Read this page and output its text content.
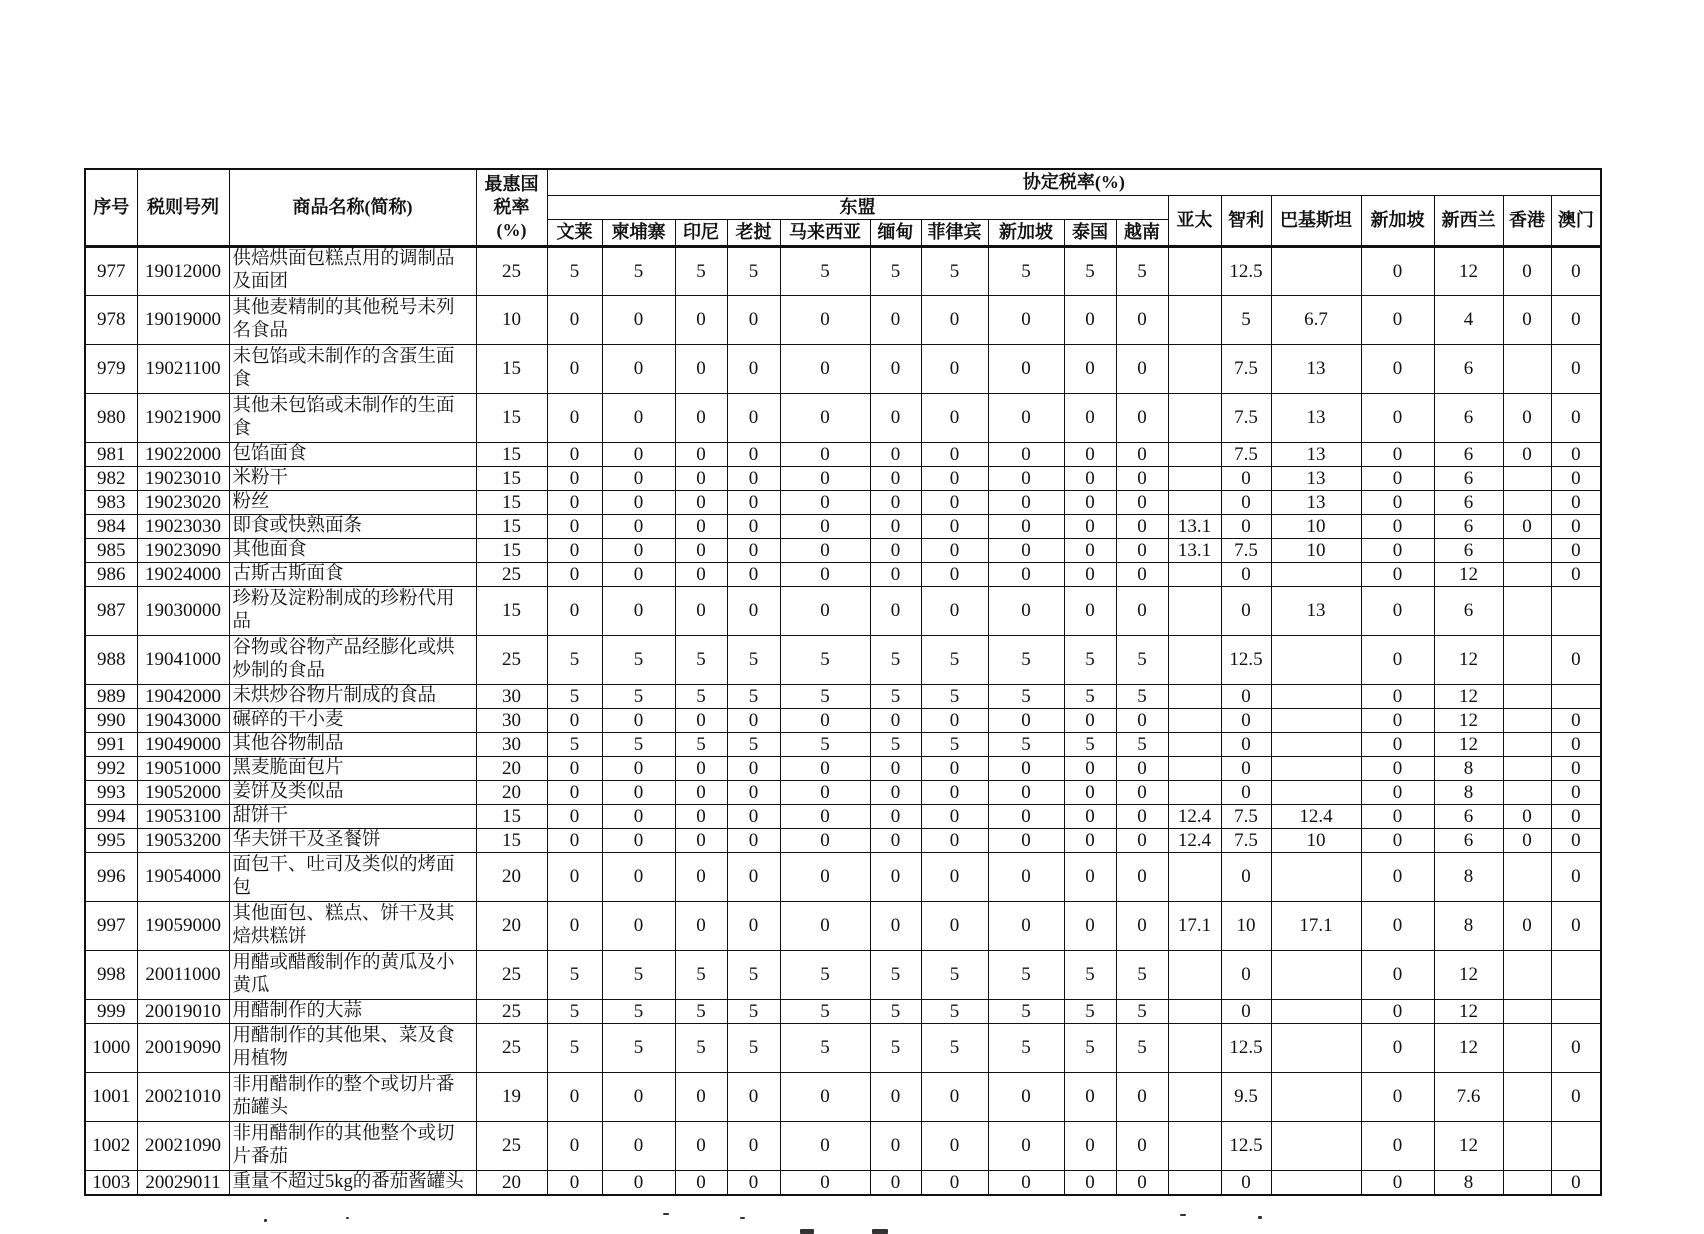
序号	税则号列	商品名称(简称)	最惠国
税率
(%)	协定税率(%)																
				东盟										亚太	智利	巴基斯坦	新加坡	新西兰	香港	澳门
				文莱	柬埔寨	印尼	老挝	马来西亚	缅甸	菲律宾	新加坡	泰国	越南							
977	19012000	供焙烘面包糕点用的调制品
及面团	25	5	5	5	5	5	5	5	5	5	5		12.5		0	12	0	0
978	19019000	其他麦精制的其他税号未列
名食品	10	0	0	0	0	0	0	0	0	0	0		5	6.7	0	4	0	0
979	19021100	未包馅或未制作的含蛋生面
食	15	0	0	0	0	0	0	0	0	0	0		7.5	13	0	6		0
980	19021900	其他未包馅或未制作的生面
食	15	0	0	0	0	0	0	0	0	0	0		7.5	13	0	6	0	0
981	19022000	包馅面食	15	0	0	0	0	0	0	0	0	0	0		7.5	13	0	6	0	0
982	19023010	米粉干	15	0	0	0	0	0	0	0	0	0	0		0	13	0	6		0
983	19023020	粉丝	15	0	0	0	0	0	0	0	0	0	0		0	13	0	6		0
984	19023030	即食或快熟面条	15	0	0	0	0	0	0	0	0	0	0	13.1	0	10	0	6	0	0
985	19023090	其他面食	15	0	0	0	0	0	0	0	0	0	0	13.1	7.5	10	0	6		0
986	19024000	古斯古斯面食	25	0	0	0	0	0	0	0	0	0	0		0		0	12		0
987	19030000	珍粉及淀粉制成的珍粉代用
品	15	0	0	0	0	0	0	0	0	0	0		0	13	0	6		
988	19041000	谷物或谷物产品经膨化或烘
炒制的食品	25	5	5	5	5	5	5	5	5	5	5		12.5		0	12		0
989	19042000	未烘炒谷物片制成的食品	30	5	5	5	5	5	5	5	5	5	5		0		0	12		
990	19043000	碾碎的干小麦	30	0	0	0	0	0	0	0	0	0	0		0		0	12		0
991	19049000	其他谷物制品	30	5	5	5	5	5	5	5	5	5	5		0		0	12		0
992	19051000	黑麦脆面包片	20	0	0	0	0	0	0	0	0	0	0		0		0	8		0
993	19052000	姜饼及类似品	20	0	0	0	0	0	0	0	0	0	0		0		0	8		0
994	19053100	甜饼干	15	0	0	0	0	0	0	0	0	0	0	12.4	7.5	12.4	0	6	0	0
995	19053200	华夫饼干及圣餐饼	15	0	0	0	0	0	0	0	0	0	0	12.4	7.5	10	0	6	0	0
996	19054000	面包干、吐司及类似的烤面
包	20	0	0	0	0	0	0	0	0	0	0		0		0	8		0
997	19059000	其他面包、糕点、饼干及其
焙烘糕饼	20	0	0	0	0	0	0	0	0	0	0	17.1	10	17.1	0	8	0	0
998	20011000	用醋或醋酸制作的黄瓜及小
黄瓜	25	5	5	5	5	5	5	5	5	5	5		0		0	12		
999	20019010	用醋制作的大蒜	25	5	5	5	5	5	5	5	5	5	5		0		0	12		
1000	20019090	用醋制作的其他果、菜及食
用植物	25	5	5	5	5	5	5	5	5	5	5		12.5		0	12		0
1001	20021010	非用醋制作的整个或切片番
茄罐头	19	0	0	0	0	0	0	0	0	0	0		9.5		0	7.6		0
1002	20021090	非用醋制作的其他整个或切
片番茄	25	0	0	0	0	0	0	0	0	0	0		12.5		0	12		
1003	20029011	重量不超过5kg的番茄酱罐头	20	0	0	0	0	0	0	0	0	0	0		0		0	8		0
